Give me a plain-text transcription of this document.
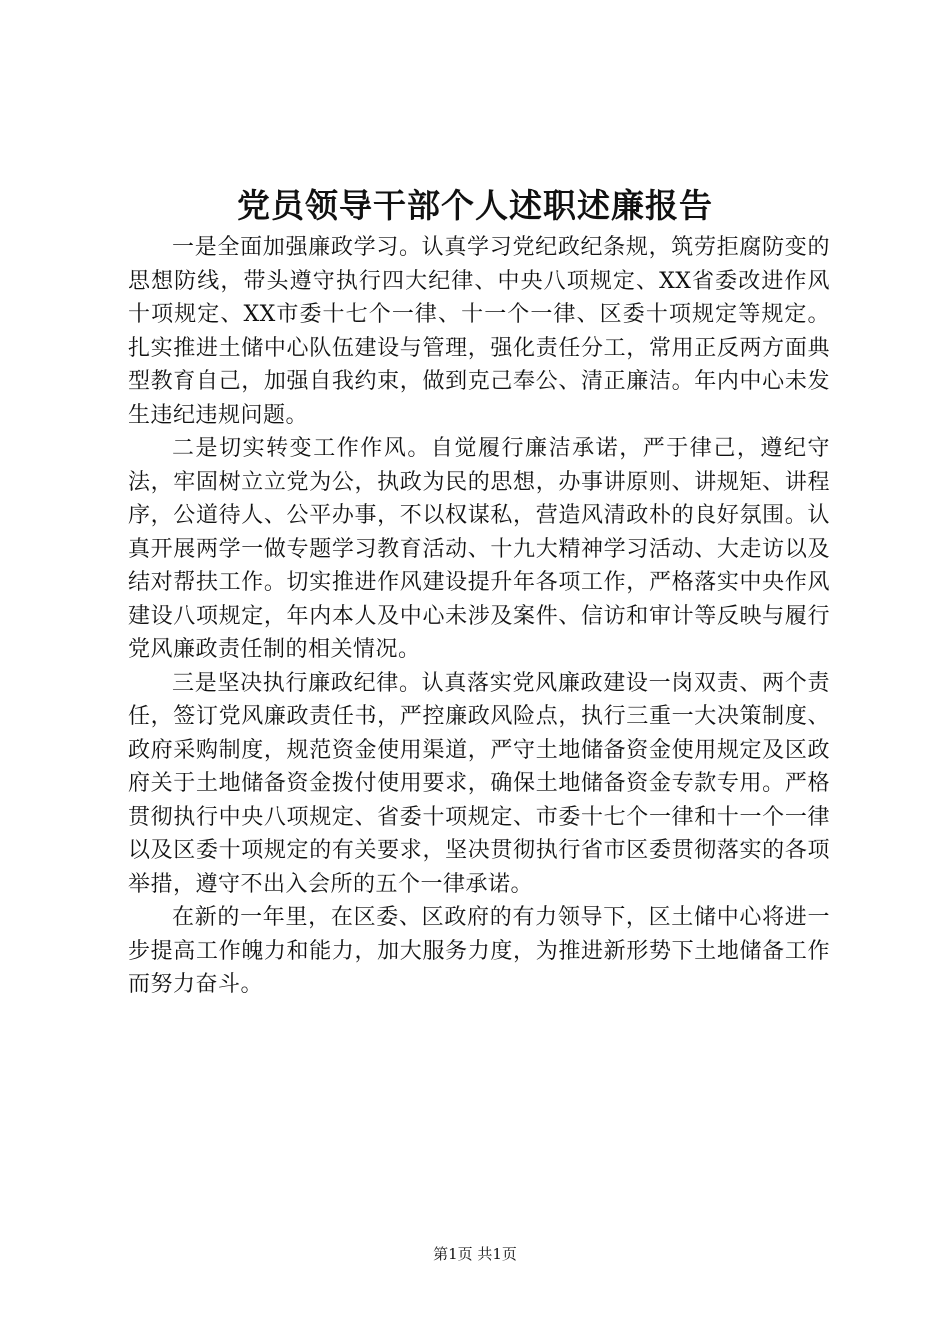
党员领导干部个人述职述廉报告

一是全面加强廉政学习。认真学习党纪政纪条规，筑劳拒腐防变的思想防线，带头遵守执行四大纪律、中央八项规定、XX省委改进作风十项规定、XX市委十七个一律、十一个一律、区委十项规定等规定。扎实推进土储中心队伍建设与管理，强化责任分工，常用正反两方面典型教育自己，加强自我约束，做到克己奉公、清正廉洁。年内中心未发生违纪违规问题。

二是切实转变工作作风。自觉履行廉洁承诺，严于律己，遵纪守法，牢固树立立党为公，执政为民的思想，办事讲原则、讲规矩、讲程序，公道待人、公平办事，不以权谋私，营造风清政朴的良好氛围。认真开展两学一做专题学习教育活动、十九大精神学习活动、大走访以及结对帮扶工作。切实推进作风建设提升年各项工作，严格落实中央作风建设八项规定，年内本人及中心未涉及案件、信访和审计等反映与履行党风廉政责任制的相关情况。

三是坚决执行廉政纪律。认真落实党风廉政建设一岗双责、两个责任，签订党风廉政责任书，严控廉政风险点，执行三重一大决策制度、政府采购制度，规范资金使用渠道，严守土地储备资金使用规定及区政府关于土地储备资金拨付使用要求，确保土地储备资金专款专用。严格贯彻执行中央八项规定、省委十项规定、市委十七个一律和十一个一律以及区委十项规定的有关要求，坚决贯彻执行省市区委贯彻落实的各项举措，遵守不出入会所的五个一律承诺。

在新的一年里，在区委、区政府的有力领导下，区土储中心将进一步提高工作魄力和能力，加大服务力度，为推进新形势下土地储备工作而努力奋斗。

第1页 共1页
